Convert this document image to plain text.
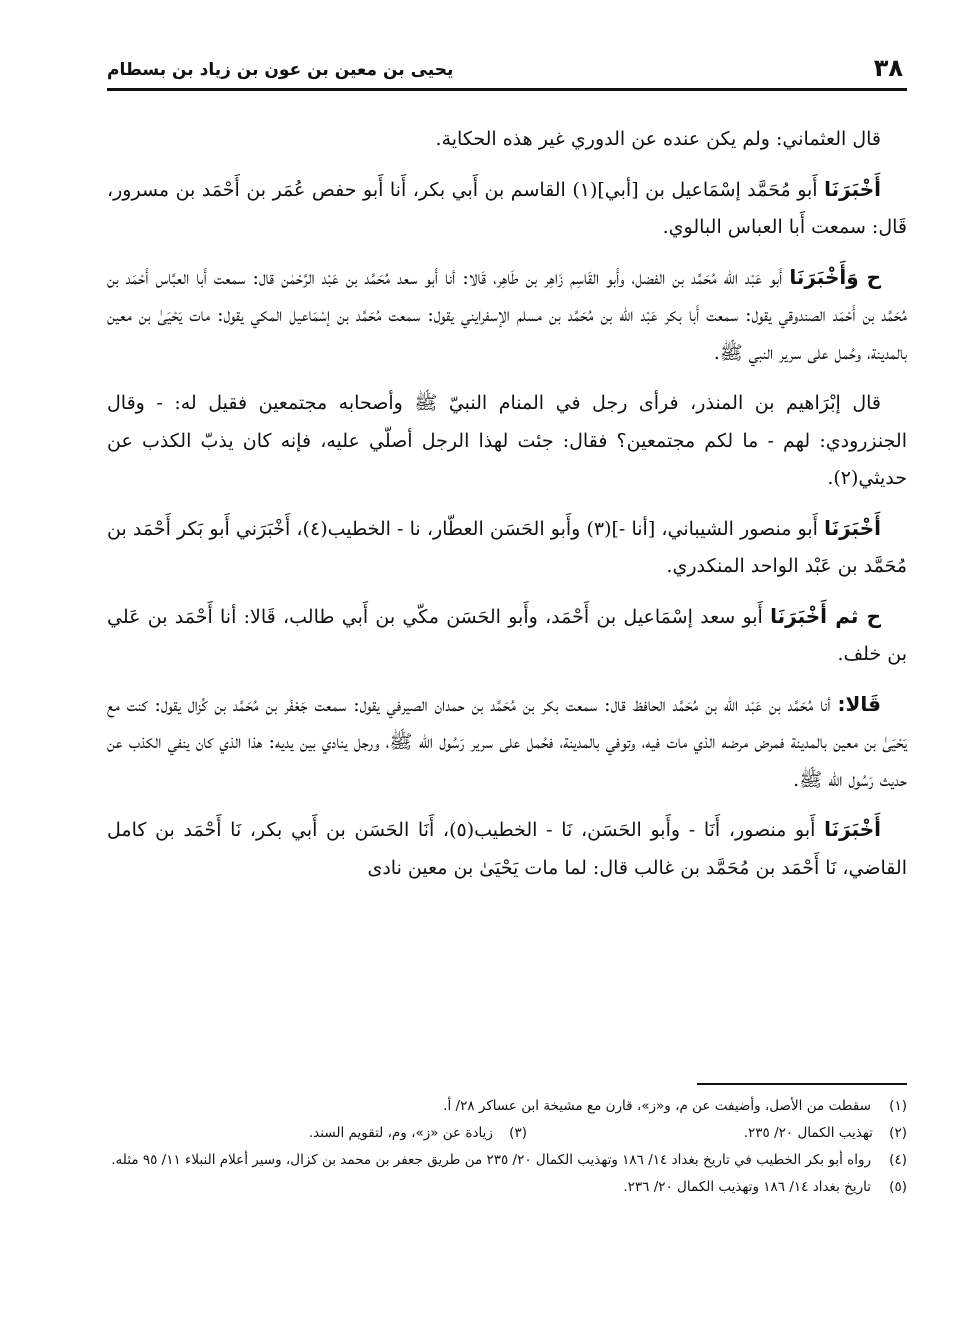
٣٨
يحيى بن معين بن عون بن زياد بن بسطام

قال العثماني: ولم يكن عنده عن الدوري غير هذه الحكاية.

أَخْبَرَنَا أَبو مُحَمَّد إسْمَاعيل بن [أبي](١) القاسم بن أَبي بكر، أَنا أَبو حفص عُمَر بن أَحْمَد بن مسرور، قَال: سمعت أَبا العباس البالوي.

ح وَأَخْبَرَنَا أَبو عَبْد الله مُحَمَّد بن الفضل، وأَبو القَاسِم زَاهِر بن طَاهِر، قَالا: أنا أَبو سعد مُحَمَّد بن عَبْد الرَّحْمٰن قال: سمعت أَبا العبَّاس أَحْمَد بن مُحَمَّد بن أَحْمَد الصندوقي يقول: سمعت أَبا بكر عَبْد الله بن مُحَمَّد بن مسلم الإسفرايني يقول: سمعت مُحَمَّد بن إسْمَاعيل المكي يقول: مات يَحْيَىٰ بن معين بالمدينة، وحُمل على سرير النبي ﷺ.

قال إبْرَاهيم بن المنذر، فرأى رجل في المنام النبيّ ﷺ وأصحابه مجتمعين فقيل له: - وقال الجنزرودي: لهم - ما لكم مجتمعين؟ فقال: جئت لهذا الرجل أصلّي عليه، فإنه كان يذبّ الكذب عن حديثي(٢).

أَخْبَرَنَا أَبو منصور الشيباني، [أنا -](٣) وأَبو الحَسَن العطّار، نا - الخطيب(٤)، أَخْبَرَني أَبو بَكر أَحْمَد بن مُحَمَّد بن عَبْد الواحد المنكدري.

ح ثم أَخْبَرَنَا أَبو سعد إسْمَاعيل بن أَحْمَد، وأَبو الحَسَن مكّي بن أَبي طالب، قَالا: أنا أَحْمَد بن عَلي بن خلف.

قَالا: أنا مُحَمَّد بن عَبْد الله بن مُحَمَّد الحافظ قال: سمعت بكر بن مُحَمَّد بن حمدان الصيرفي يقول: سمعت جَعْفَر بن مُحَمَّد بن كُزال يقول: كنت مع يَحْيَىٰ بن معين بالمدينة فمرض مرضه الذي مات فيه، وتوفي بالمدينة، فحُمل على سرير رَسُول الله ﷺ، ورجل ينادي بين يديه: هذا الذي كان ينفي الكذب عن حديث رَسُول الله ﷺ.

أَخْبَرَنَا أَبو منصور، أَنَا - وأَبو الحَسَن، نَا - الخطيب(٥)، أَنَا الحَسَن بن أَبي بكر، نَا أَحْمَد بن كامل القاضي، نَا أَحْمَد بن مُحَمَّد بن غالب قال: لما مات يَحْيَىٰ بن معين نادى

(١)
سقطت من الأصل، وأضيفت عن م، و«ز»، قارن مع مشيخة ابن عساكر ٢٨/ أ.
(٢) تهذيب الكمال ٢٠/ ٢٣٥.
(٣) زيادة عن «ز»، وم، لتقويم السند.
(٤)
رواه أبو بكر الخطيب في تاريخ بغداد ١٤/ ١٨٦ وتهذيب الكمال ٢٠/ ٢٣٥ من طريق جعفر بن محمد بن كزال، وسير أعلام النبلاء ١١/ ٩٥ مثله.
(٥)
تاريخ بغداد ١٤/ ١٨٦ وتهذيب الكمال ٢٠/ ٢٣٦.
